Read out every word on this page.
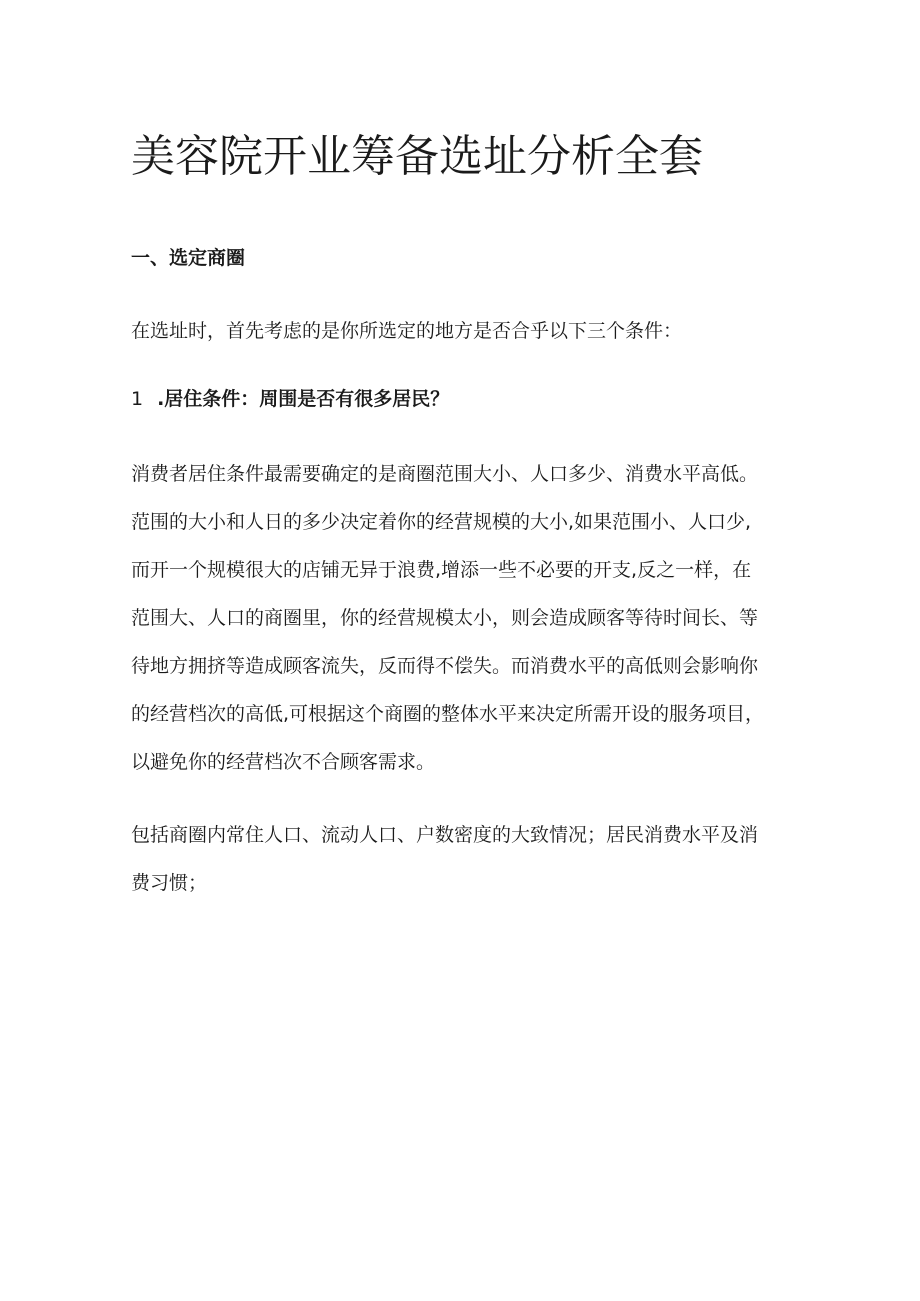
美容院开业筹备选址分析全套
一、选定商圈
在选址时，首先考虑的是你所选定的地方是否合乎以下三个条件：
1 .居住条件：周围是否有很多居民？
消费者居住条件最需要确定的是商圈范围大小、人口多少、消费水平高低。
范围的大小和人日的多少决定着你的经营规模的大小,如果范围小、人口少,
而开一个规模很大的店铺无异于浪费,增添一些不必要的开支,反之一样，在
范围大、人口的商圈里，你的经营规模太小，则会造成顾客等待时间长、等
待地方拥挤等造成顾客流失，反而得不偿失。而消费水平的高低则会影响你
的经营档次的高低,可根据这个商圈的整体水平来决定所需开设的服务项目，
以避免你的经营档次不合顾客需求。
包括商圈内常住人口、流动人口、户数密度的大致情况；居民消费水平及消
费习惯；
